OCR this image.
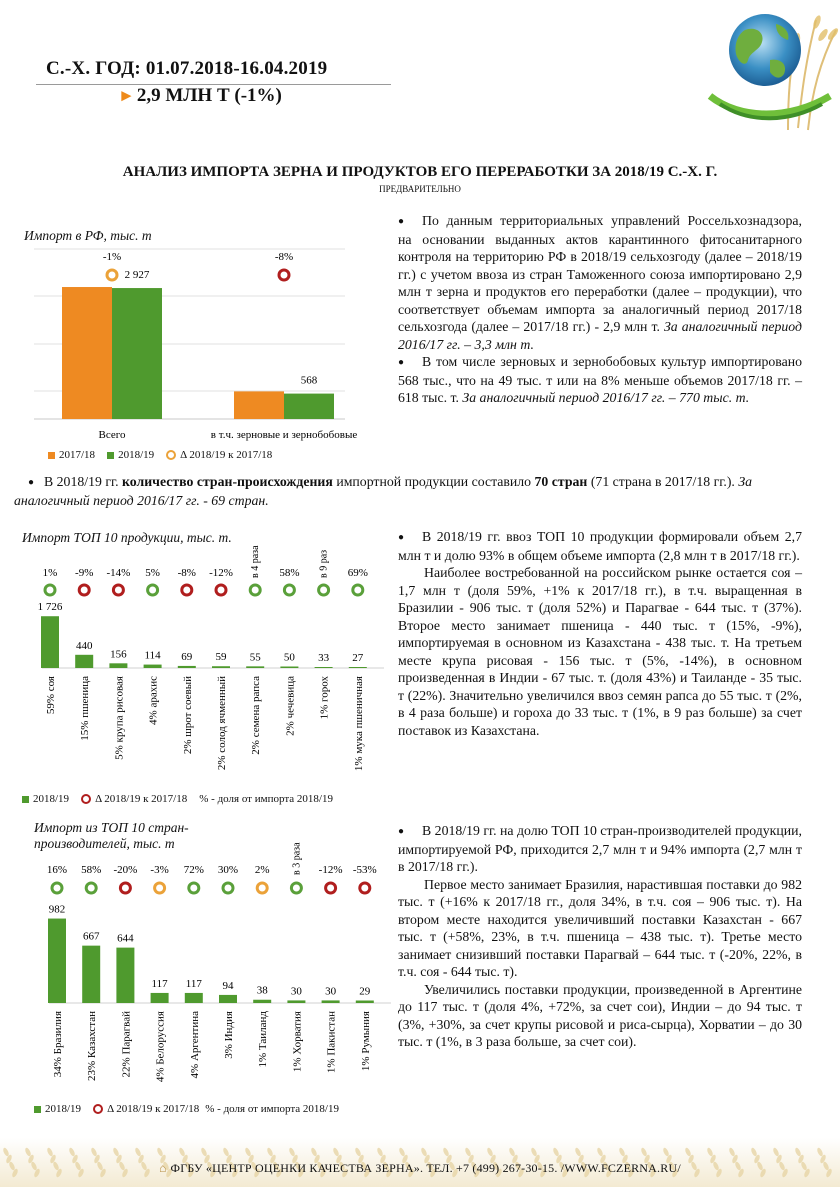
С.-Х. ГОД: 01.07.2018-16.04.2019
► 2,9 МЛН Т (-1%)
АНАЛИЗ ИМПОРТА ЗЕРНА И ПРОДУКТОВ ЕГО ПЕРЕРАБОТКИ ЗА 2018/19 С.-Х. Г.
ПРЕДВАРИТЕЛЬНО
Импорт в РФ, тыс. т
2 927
Всего
-1%
568
в т.ч. зерновые и зернобобовые
-8%
2017/18 2018/19 Δ 2018/19 к 2017/18

● По данным территориальных управлений Россельхознадзора, на основании выданных актов карантинного фитосанитарного контроля на территорию РФ в 2018/19 сельхозгоду (далее – 2018/19 гг.) с учетом ввоза из стран Таможенного союза импортировано 2,9 млн т зерна и продуктов его переработки (далее – продукции), что соответствует объемам импорта за аналогичный период 2017/18 сельхозгода (далее – 2017/18 гг.) - 2,9 млн т. За аналогичный период 2016/17 гг. – 3,3 млн т.

● В том числе зерновых и зернобобовых культур импортировано 568 тыс., что на 49 тыс. т или на 8% меньше объемов 2017/18 гг. – 618 тыс. т. За аналогичный период 2016/17 гг. – 770 тыс. т.

● В 2018/19 гг. количество стран-происхождения импортной продукции составило 70 стран (71 страна в 2017/18 гг.). За аналогичный период 2016/17 гг. - 69 стран.
Импорт ТОП 10 продукции, тыс. т.
1 726
1%
59% соя
440
-9%
15% пшеница
156
-14%
5% крупа рисовая
114
5%
4% арахис
69
-8%
2% шрот соевый
59
-12%
2% солод ячменный
55
в 4 раза
2% семена рапса
50
58%
2% чечевица
33
в 9 раз
1% горох
27
69%
1% мука пшеничная
2018/19 Δ 2018/19 к 2017/18 % - доля от импорта 2018/19

● В 2018/19 гг. ввоз ТОП 10 продукции формировали объем 2,7 млн т и долю 93% в общем объеме импорта (2,8 млн т в 2017/18 гг.).

Наиболее востребованной на российском рынке остается соя – 1,7 млн т (доля 59%, +1% к 2017/18 гг.), в т.ч. выращенная в Бразилии - 906 тыс. т (доля 52%) и Парагвае - 644 тыс. т (37%). Второе место занимает пшеница - 440 тыс. т (15%, -9%), импортируемая в основном из Казахстана - 438 тыс. т. На третьем месте крупа рисовая - 156 тыс. т (5%, -14%), в основном произведенная в Индии - 67 тыс. т. (доля 43%) и Таиланде - 35 тыс. т (22%). Значительно увеличился ввоз семян рапса до 55 тыс. т (2%, в 4 раза больше) и гороха до 33 тыс. т (1%, в 9 раз больше) за счет поставок из Казахстана.

Импорт из ТОП 10 стран-производителей, тыс. т
982
16%
34% Бразилия
667
58%
23% Казахстан
644
-20%
22% Парагвай
117
-3%
4% Белоруссия
117
72%
4% Аргентина
94
30%
3% Индия
38
2%
1% Таиланд
30
в 3 раза
1% Хорватия
30
-12%
1% Пакистан
29
-53%
1% Румыния
2018/19 Δ 2018/19 к 2017/18 % - доля от импорта 2018/19

● В 2018/19 гг. на долю ТОП 10 стран-производителей продукции, импортируемой РФ, приходится 2,7 млн т и 94% импорта (2,7 млн т в 2017/18 гг.).

Первое место занимает Бразилия, нарастившая поставки до 982 тыс. т (+16% к 2017/18 гг., доля 34%, в т.ч. соя – 906 тыс. т). На втором месте находится увеличивший поставки Казахстан - 667 тыс. т (+58%, 23%, в т.ч. пшеница – 438 тыс. т). Третье место занимает снизивший поставки Парагвай – 644 тыс. т (-20%, 22%, в т.ч. соя - 644 тыс. т).

Увеличились поставки продукции, произведенной в Аргентине до 117 тыс. т (доля 4%, +72%, за счет сои), Индии – до 94 тыс. т (3%, +30%, за счет крупы рисовой и риса-сырца), Хорватии – до 30 тыс. т (1%, в 3 раза больше, за счет сои).

⌂ ФГБУ «ЦЕНТР ОЦЕНКИ КАЧЕСТВА ЗЕРНА». ТЕЛ. +7 (499) 267-30-15. /WWW.FCZERNA.RU/
